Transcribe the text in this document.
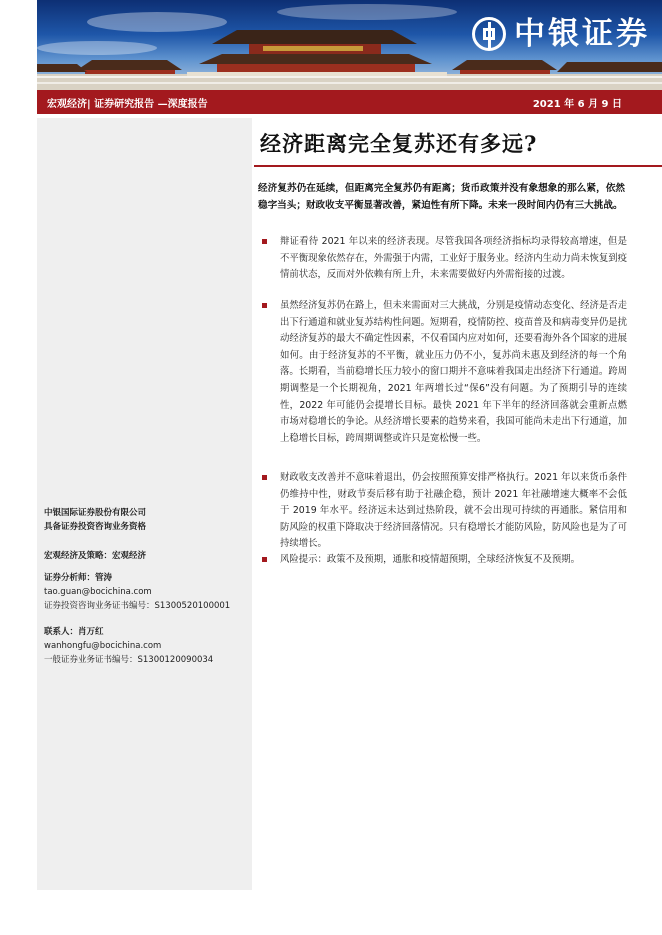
中银证券
宏观经济| 证券研究报告 —深度报告	2021 年 6 月 9 日
中银国际证券股份有限公司
具备证券投资咨询业务资格
宏观经济及策略：宏观经济
证券分析师：管涛
tao.guan@bocichina.com
证券投资咨询业务证书编号：S1300520100001
联系人：肖万红
wanhongfu@bocichina.com
一般证券业务证书编号：S1300120090034
经济距离完全复苏还有多远?
经济复苏仍在延续，但距离完全复苏仍有距离；货币政策并没有象想象的那么紧，依然稳字当头；财政收支平衡显著改善，紧迫性有所下降。未来一段时间内仍有三大挑战。
辩证看待 2021 年以来的经济表现。尽管我国各项经济指标均录得较高增速，但是不平衡现象依然存在，外需强于内需，工业好于服务业。经济内生动力尚未恢复到疫情前状态，反而对外依赖有所上升，未来需要做好内外需衔接的过渡。
虽然经济复苏仍在路上，但未来需面对三大挑战，分别是疫情动态变化、经济是否走出下行通道和就业复苏结构性问题。短期看，疫情防控、疫苗普及和病毒变异仍是扰动经济复苏的最大不确定性因素，不仅看国内应对如何，还要看海外各个国家的进展如何。由于经济复苏的不平衡，就业压力仍不小，复苏尚未惠及到经济的每一个角落。长期看，当前稳增长压力较小的窗口期并不意味着我国走出经济下行通道。跨周期调整是一个长期视角，2021 年两增长过“保6”没有问题。为了预期引导的连续性，2022 年可能仍会提增长目标。最快 2021 年下半年的经济回落就会重新点燃市场对稳增长的争论。从经济增长要素的趋势来看，我国可能尚未走出下行通道，加上稳增长目标，跨周期调整或许只是宽松慢一些。
财政收支改善并不意味着退出，仍会按照预算安排严格执行。2021 年以来货币条件仍维持中性，财政节奏后移有助于社融企稳，预计 2021 年社融增速大概率不会低于 2019 年水平。经济远未达到过热阶段，就不会出现可持续的再通胀。紧信用和防风险的权重下降取决于经济回落情况。只有稳增长才能防风险，防风险也是为了可持续增长。
风险提示：政策不及预期，通胀和疫情超预期，全球经济恢复不及预期。
